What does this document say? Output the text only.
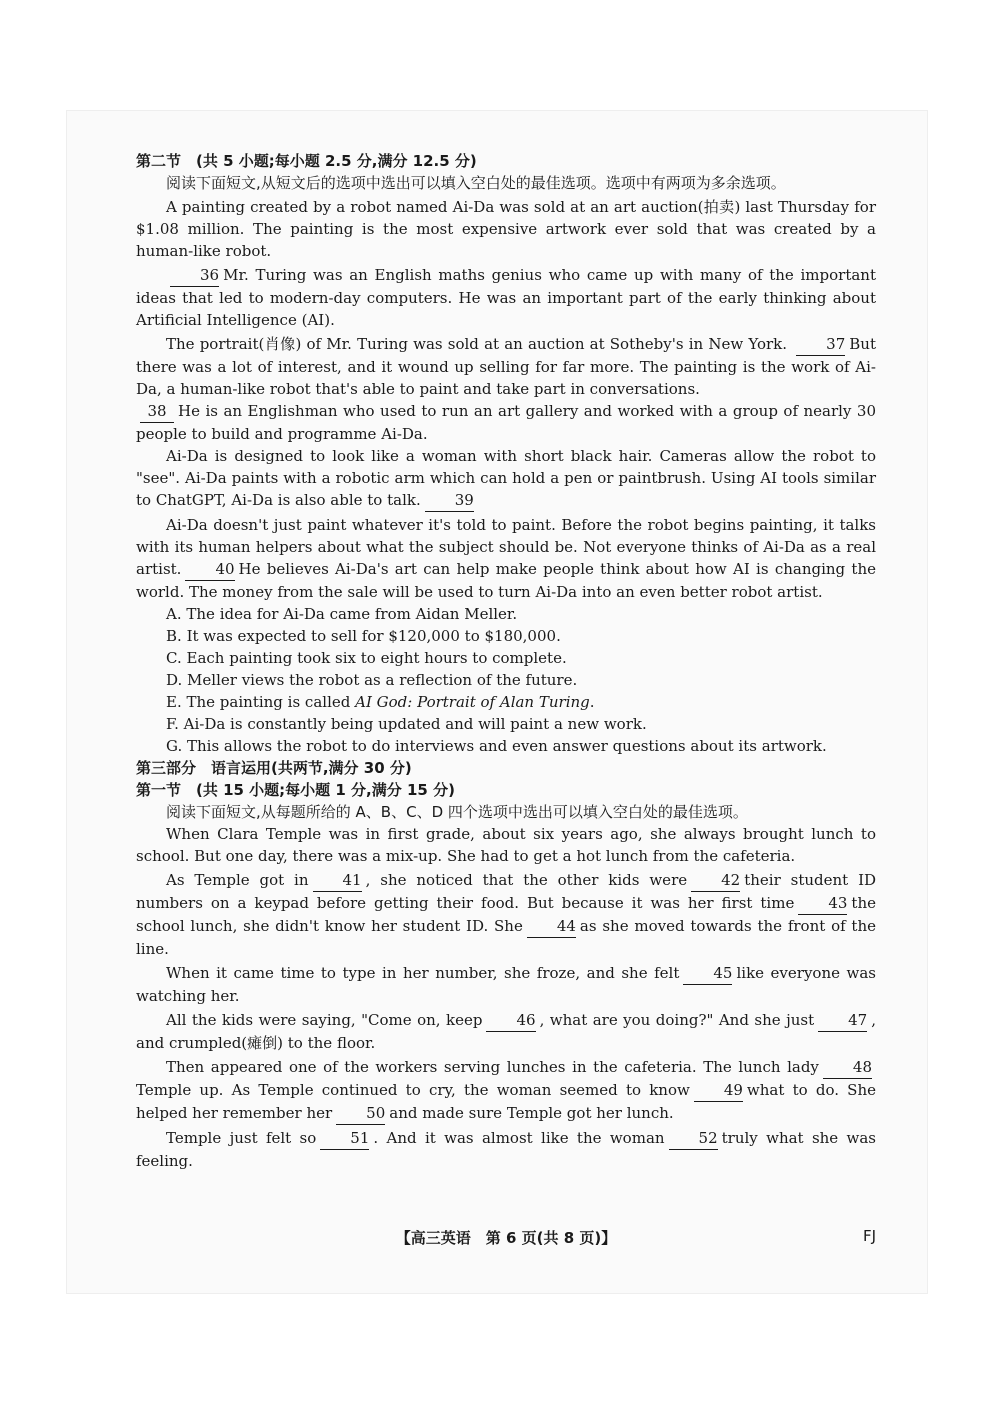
第二节　(共 5 小题;每小题 2.5 分,满分 12.5 分)

阅读下面短文,从短文后的选项中选出可以填入空白处的最佳选项。选项中有两项为多余选项。

A painting created by a robot named Ai-Da was sold at an art auction(拍卖) last Thursday for $1.08 million. The painting is the most expensive artwork ever sold that was created by a human-like robot.

36 Mr. Turing was an English maths genius who came up with many of the important ideas that led to modern-day computers. He was an important part of the early thinking about Artificial Intelligence (AI).

The portrait(肖像) of Mr. Turing was sold at an auction at Sotheby's in New York.	37 But there was a lot of interest, and it wound up selling for far more. The painting is the work of Ai-Da, a human-like robot that's able to paint and take part in conversations.

38 He is an Englishman who used to run an art gallery and worked with a group of nearly 30 people to build and programme Ai-Da.

Ai-Da is designed to look like a woman with short black hair. Cameras allow the robot to "see". Ai-Da paints with a robotic arm which can hold a pen or paintbrush. Using AI tools similar to ChatGPT, Ai-Da is also able to talk. 39

Ai-Da doesn't just paint whatever it's told to paint. Before the robot begins painting, it talks with its human helpers about what the subject should be. Not everyone thinks of Ai-Da as a real artist. 40 He believes Ai-Da's art can help make people think about how AI is changing the world. The money from the sale will be used to turn Ai-Da into an even better robot artist.

A. The idea for Ai-Da came from Aidan Meller.

B. It was expected to sell for $120,000 to $180,000.

C. Each painting took six to eight hours to complete.

D. Meller views the robot as a reflection of the future.

E. The painting is called AI God: Portrait of Alan Turing.

F. Ai-Da is constantly being updated and will paint a new work.

G. This allows the robot to do interviews and even answer questions about its artwork.

第三部分　语言运用(共两节,满分 30 分)

第一节　(共 15 小题;每小题 1 分,满分 15 分)

阅读下面短文,从每题所给的 A、B、C、D 四个选项中选出可以填入空白处的最佳选项。

When Clara Temple was in first grade, about six years ago, she always brought lunch to school. But one day, there was a mix-up. She had to get a hot lunch from the cafeteria.

As Temple got in 41 , she noticed that the other kids were 42 their student ID numbers on a keypad before getting their food. But because it was her first time 43 the school lunch, she didn't know her student ID. She 44 as she moved towards the front of the line.

When it came time to type in her number, she froze, and she felt 45 like everyone was watching her.

All the kids were saying, "Come on, keep 46 , what are you doing?" And she just 47 , and crumpled(瘫倒) to the floor.

Then appeared one of the workers serving lunches in the cafeteria. The lunch lady 48Temple up. As Temple continued to cry, the woman seemed to know 49 what to do. She helped her remember her 50 and made sure Temple got her lunch.

Temple just felt so 51 . And it was almost like the woman 52 truly what she was feeling.

【高三英语　第 6 页(共 8 页)】	FJ
